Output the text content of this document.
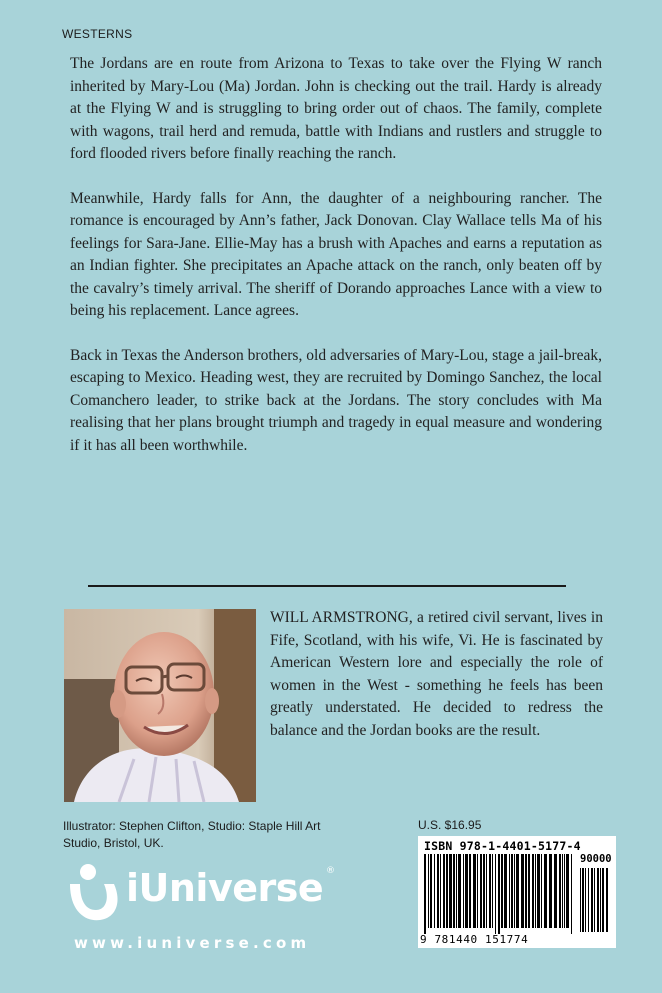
WESTERNS

The Jordans are en route from Arizona to Texas to take over the Flying W ranch inherited by Mary-Lou (Ma) Jordan. John is checking out the trail. Hardy is already at the Flying W and is struggling to bring order out of chaos. The family, complete with wagons, trail herd and remuda, battle with Indians and rustlers and struggle to ford flooded rivers before finally reaching the ranch.

Meanwhile, Hardy falls for Ann, the daughter of a neighbouring rancher. The romance is encouraged by Ann’s father, Jack Donovan. Clay Wallace tells Ma of his feelings for Sara-Jane. Ellie-May has a brush with Apaches and earns a reputation as an Indian fighter. She precipitates an Apache attack on the ranch, only beaten off by the cavalry’s timely arrival. The sheriff of Dorando approaches Lance with a view to being his replacement. Lance agrees.

Back in Texas the Anderson brothers, old adversaries of Mary-Lou, stage a jail-break, escaping to Mexico. Heading west, they are recruited by Domingo Sanchez, the local Comanchero leader, to strike back at the Jordans. The story concludes with Ma realising that her plans brought triumph and tragedy in equal measure and wondering if it has all been worthwhile.

WILL ARMSTRONG, a retired civil servant, lives in Fife, Scotland, with his wife, Vi. He is fascinated by American Western lore and especially the role of women in the West - something he feels has been greatly understated. He decided to redress the balance and the Jordan books are the result.
Illustrator: Stephen Clifton, Studio: Staple Hill Art Studio, Bristol, UK.
U.S. $16.95
ISBN 978-1-4401-5177-4
90000
9 781440 151774
iUniverse ®
www.iuniverse.com
